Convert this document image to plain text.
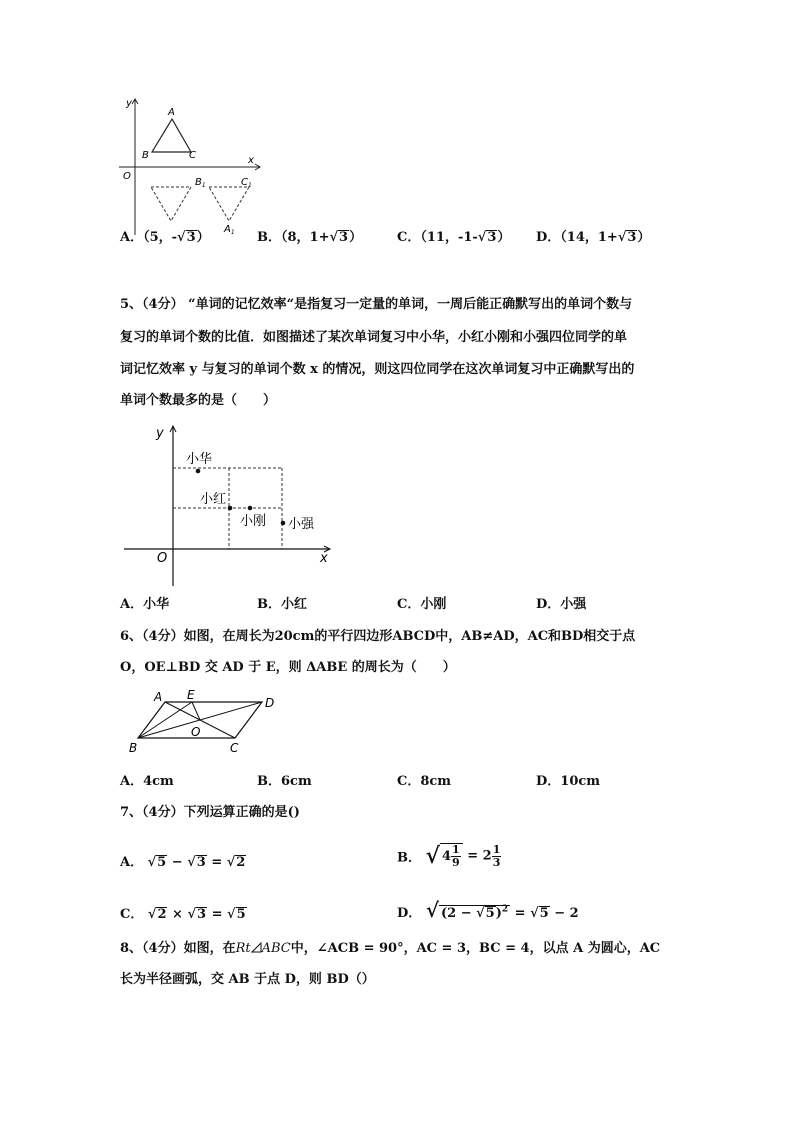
y
x
O
A
B	C
$B_1$	$C_1$
$A_1$
A．（5，-√3）	B．（8，1+√3）	C．（11，-1-√3） D．（14，1+√3）
5、（4分） “单词的记忆效率“是指复习一定量的单词，一周后能正确默写出的单词个数与
复习的单词个数的比值．如图描述了某次单词复习中小华，小红小刚和小强四位同学的单
词记忆效率 y 与复习的单词个数 x 的情况，则这四位同学在这次单词复习中正确默写出的
单词个数最多的是（　　）
y
x
O
小华
小红
小刚 小强
A．小华	B．小红	C．小刚	D．小强
6、（4分）如图，在周长为20cm的平行四边形ABCD中，AB≠AD，AC和BD相交于点
O，OE⊥BD 交 AD 于 E，则 ΔABE 的周长为（　　）
A E
D
O
B	C
A．4cm	B．6cm	C．8cm	D．10cm
7、（4分）下列运算正确的是()
A． √5 − √3 = √2	B． √ 4 1
$9 = 2 \frac{1}{3}$
C． √2 × √3 = √5	D． √ $(2 - √5)^2 = √5 - 2$
8、（4分）如图，在Rt ABC中，∠ACB = 90°，AC = 3，BC = 4，以点 A 为圆心，AC
长为半径画弧，交 AB 于点 D，则 BD（）
